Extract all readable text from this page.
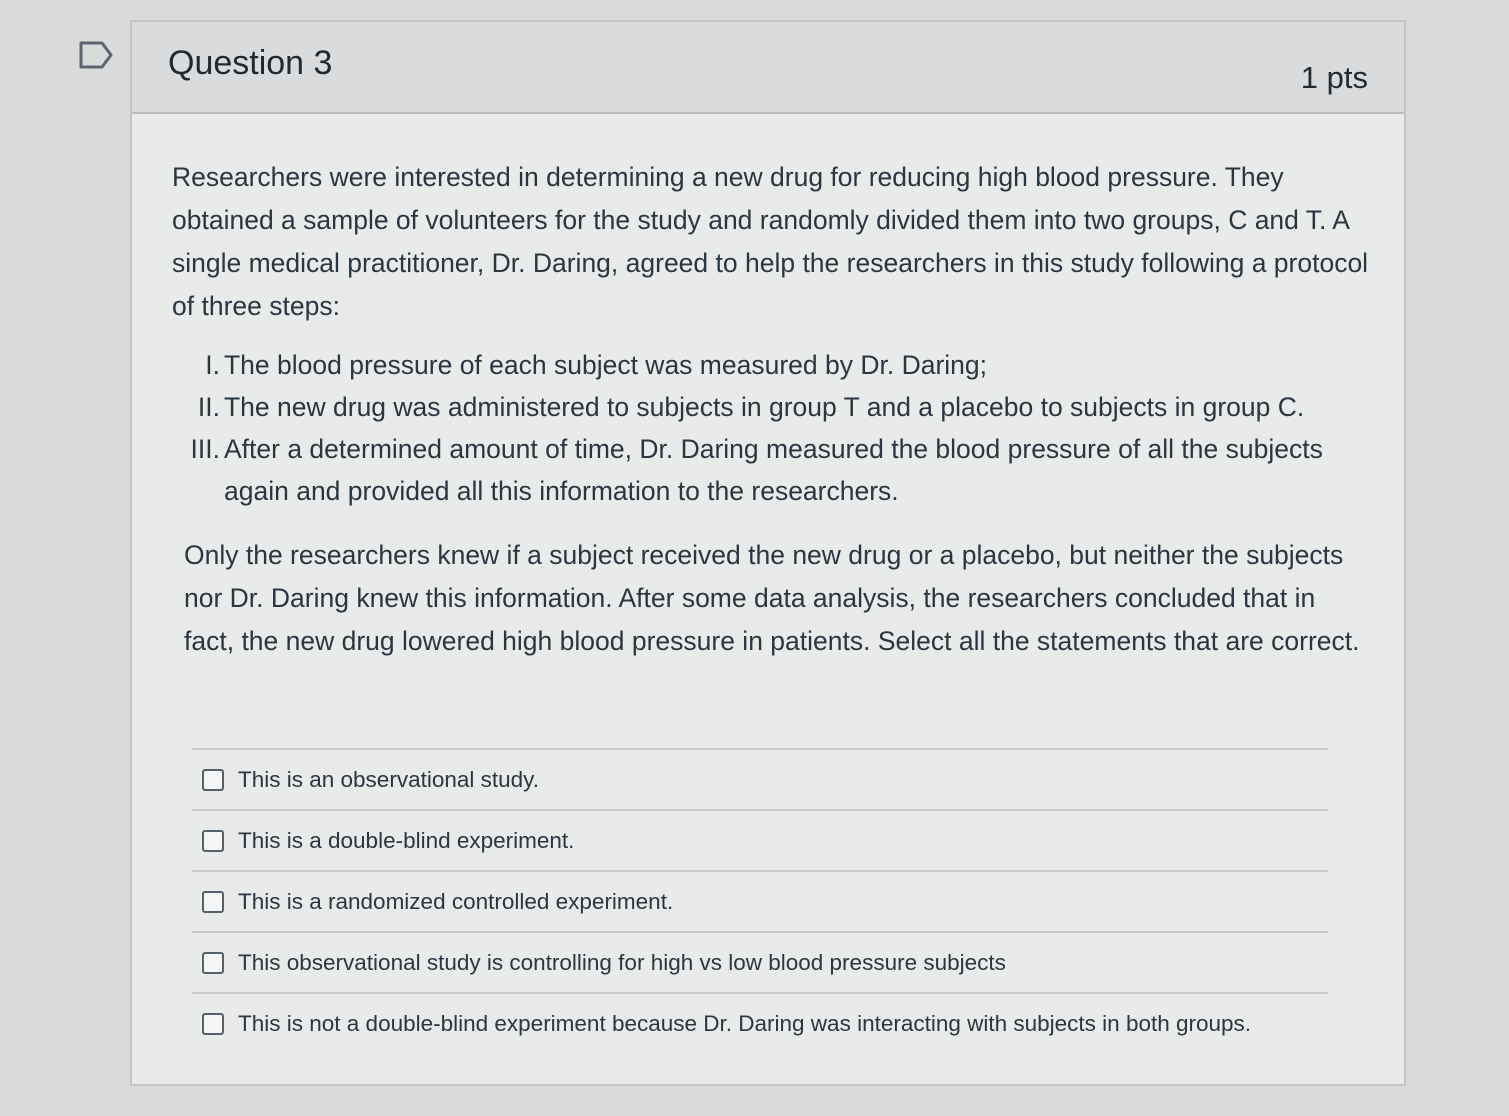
Question 3	1 pts

Researchers were interested in determining a new drug for reducing high blood pressure. They obtained a sample of volunteers for the study and randomly divided them into two groups, C and T. A single medical practitioner, Dr. Daring, agreed to help the researchers in this study following a protocol of three steps:

I. The blood pressure of each subject was measured by Dr. Daring;
II. The new drug was administered to subjects in group T and a placebo to subjects in group C.
III. After a determined amount of time, Dr. Daring measured the blood pressure of all the subjects again and provided all this information to the researchers.

Only the researchers knew if a subject received the new drug or a placebo, but neither the subjects nor Dr. Daring knew this information. After some data analysis, the researchers concluded that in fact, the new drug lowered high blood pressure in patients. Select all the statements that are correct.

This is an observational study.
This is a double-blind experiment.
This is a randomized controlled experiment.
This observational study is controlling for high vs low blood pressure subjects
This is not a double-blind experiment because Dr. Daring was interacting with subjects in both groups.
